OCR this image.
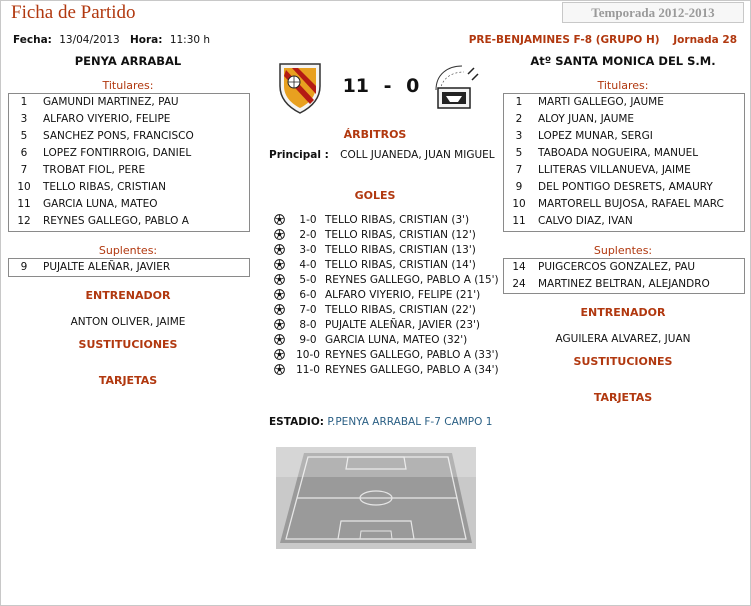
Ficha de Partido	Temporada 2012-2013
Fecha: 13/04/2013 Hora: 11:30 h	PRE-BENJAMINES F-8 (GRUPO H) Jornada 28
PENYA ARRABAL
Titulares:
1	GAMUNDI MARTINEZ, PAU
3	ALFARO VIYERIO, FELIPE
5	SANCHEZ PONS, FRANCISCO
6	LOPEZ FONTIRROIG, DANIEL
7	TROBAT FIOL, PERE
10	TELLO RIBAS, CRISTIAN
11	GARCIA LUNA, MATEO
12	REYNES GALLEGO, PABLO A
Suplentes:
9	PUJALTE ALEÑAR, JAVIER
ENTRENADOR
ANTON OLIVER, JAIME
SUSTITUCIONES
TARJETAS
Atº SANTA MONICA DEL S.M.
Titulares:
1	MARTI GALLEGO, JAUME
2	ALOY JUAN, JAUME
3	LOPEZ MUNAR, SERGI
5	TABOADA NOGUEIRA, MANUEL
7	LLITERAS VILLANUEVA, JAIME
9	DEL PONTIGO DESRETS, AMAURY
10	MARTORELL BUJOSA, RAFAEL MARC
11	CALVO DIAZ, IVAN
Suplentes:
14	PUIGCERCOS GONZALEZ, PAU
24	MARTINEZ BELTRAN, ALEJANDRO
ENTRENADOR
AGUILERA ALVAREZ, JUAN
SUSTITUCIONES
TARJETAS
11 - 0
ÁRBITROS
Principal : COLL JUANEDA, JUAN MIGUEL
GOLES
1-0 TELLO RIBAS, CRISTIAN (3')
2-0 TELLO RIBAS, CRISTIAN (12')
3-0 TELLO RIBAS, CRISTIAN (13')
4-0 TELLO RIBAS, CRISTIAN (14')
5-0 REYNES GALLEGO, PABLO A (15')
6-0 ALFARO VIYERIO, FELIPE (21')
7-0 TELLO RIBAS, CRISTIAN (22')
8-0 PUJALTE ALEÑAR, JAVIER (23')
9-0 GARCIA LUNA, MATEO (32')
10-0 REYNES GALLEGO, PABLO A (33')
11-0 REYNES GALLEGO, PABLO A (34')
ESTADIO: P.PENYA ARRABAL F-7 CAMPO 1
